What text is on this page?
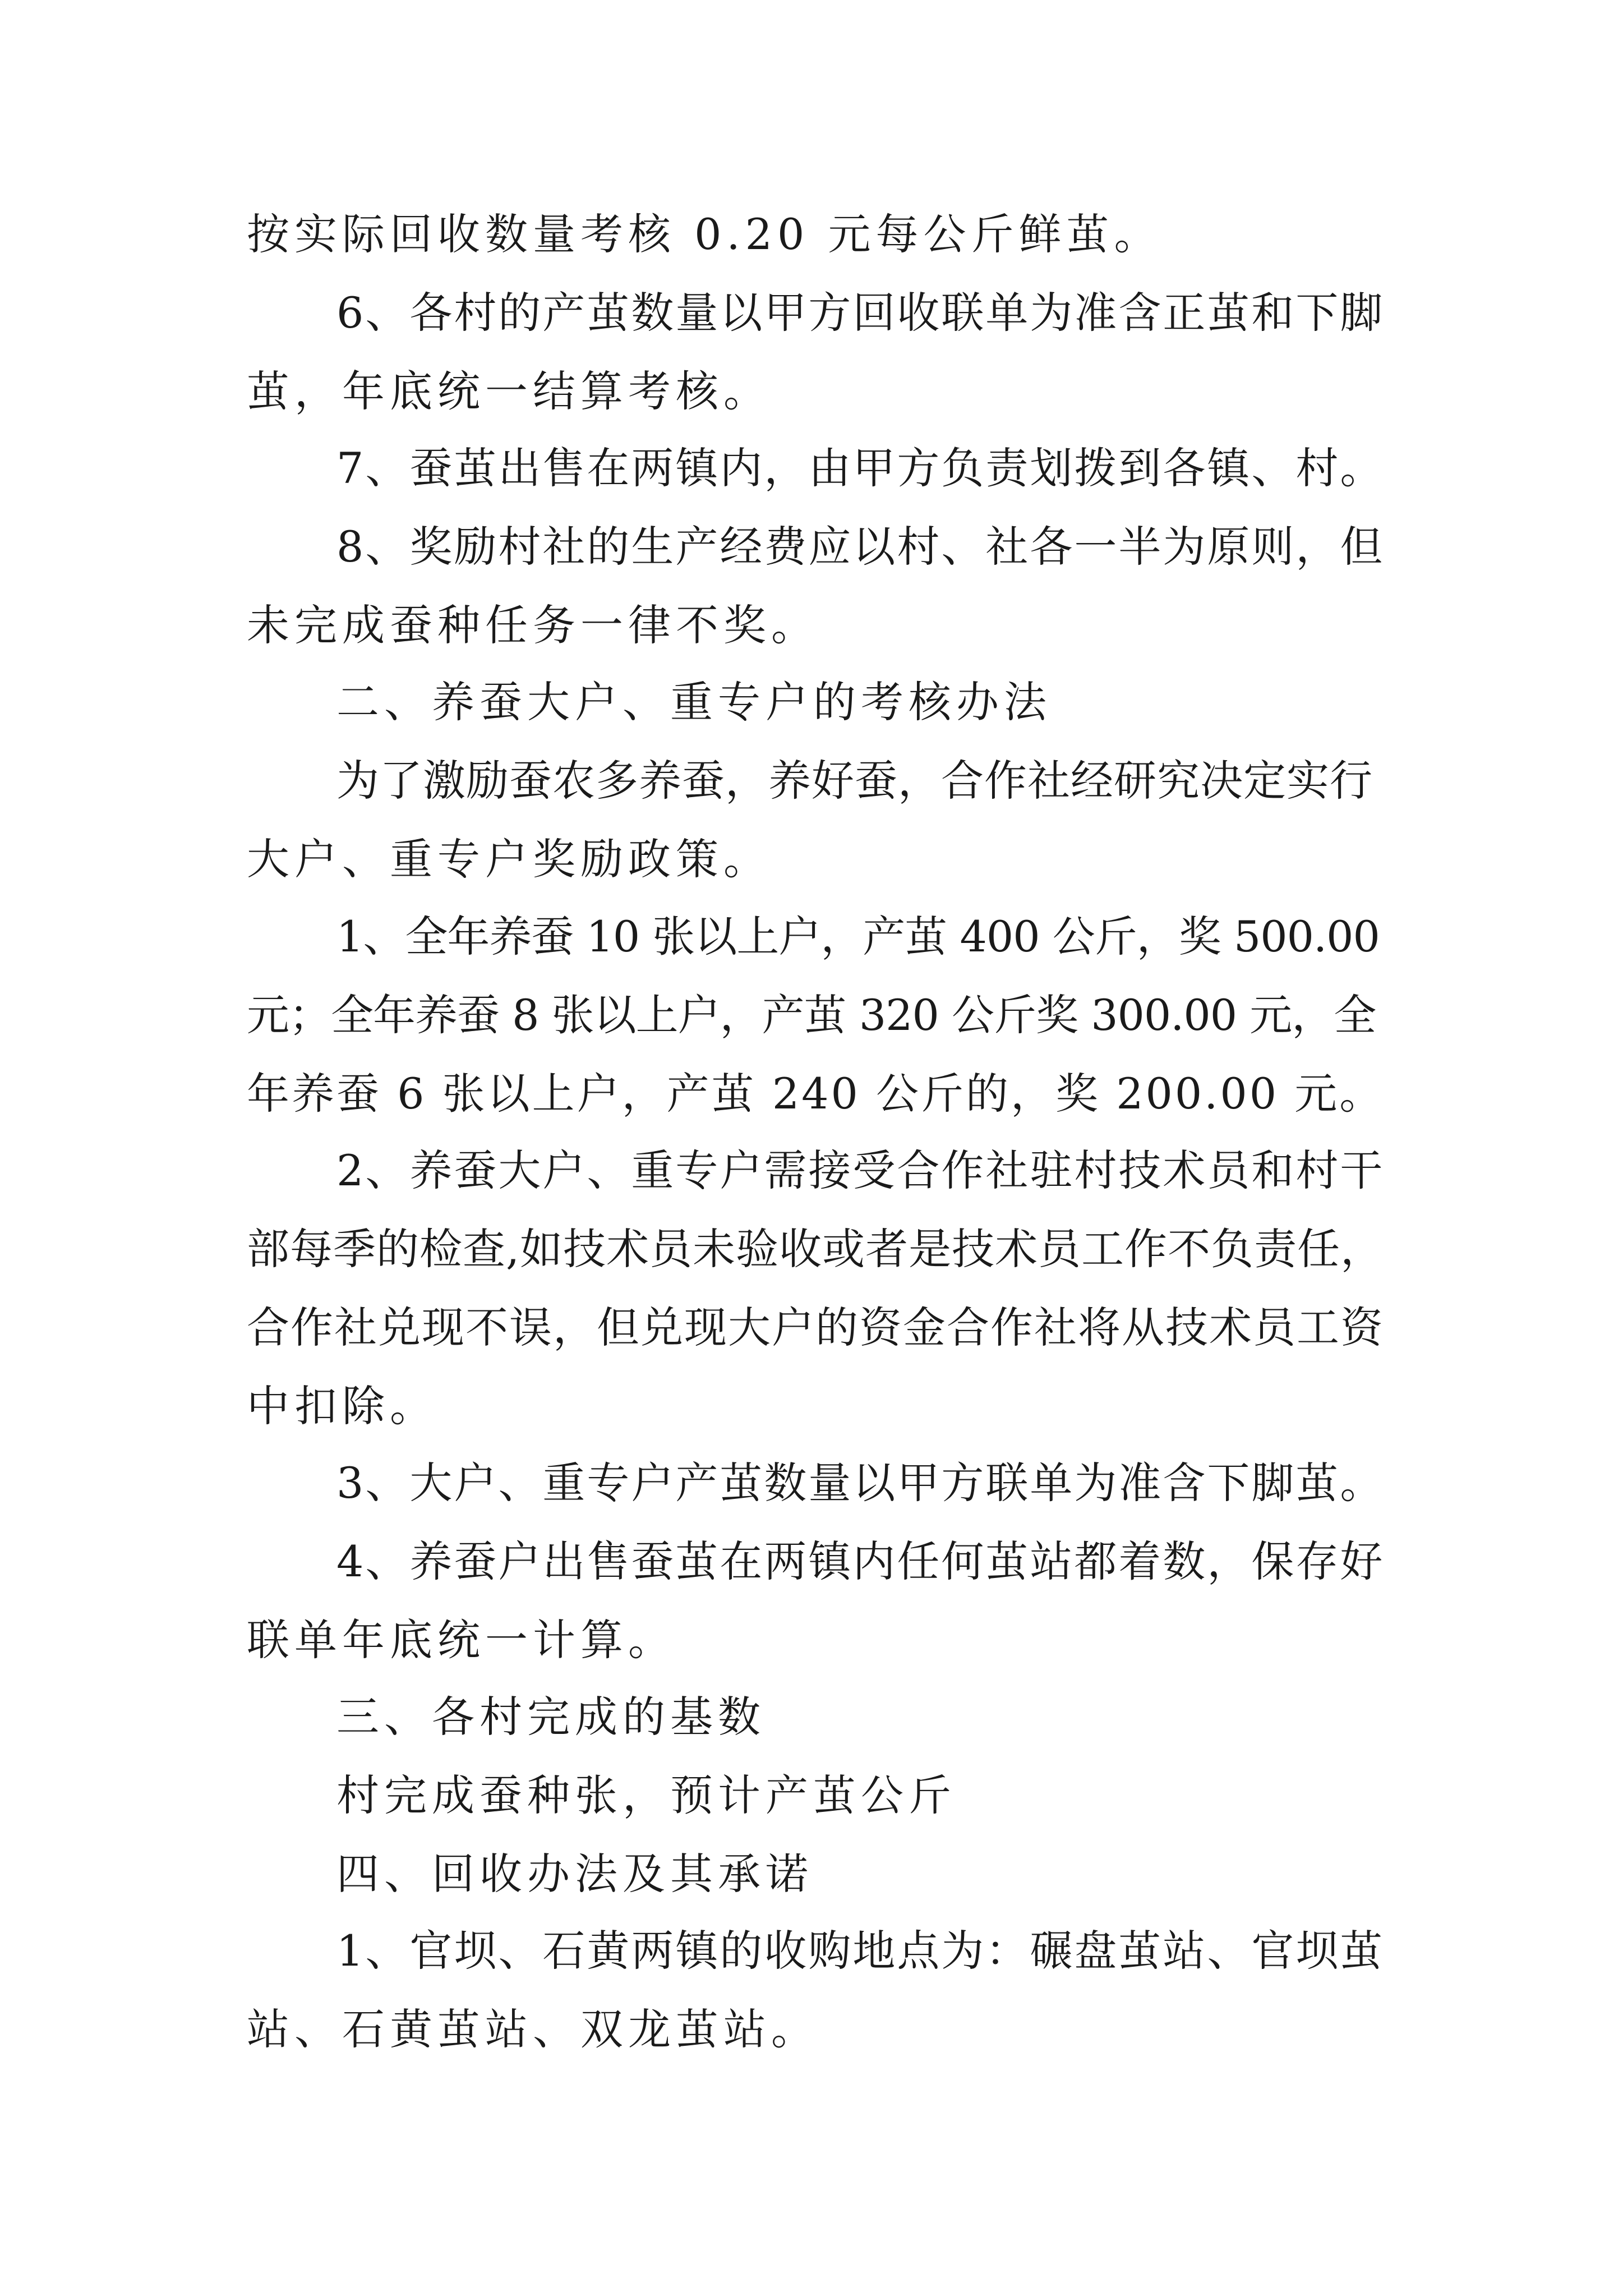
按实际回收数量考核 0.20 元每公斤鲜茧。
6、各村的产茧数量以甲方回收联单为准含正茧和下脚
茧，年底统一结算考核。
7、蚕茧出售在两镇内，由甲方负责划拨到各镇、村。
8、奖励村社的生产经费应以村、社各一半为原则，但
未完成蚕种任务一律不奖。
二、养蚕大户、重专户的考核办法
为了激励蚕农多养蚕，养好蚕，合作社经研究决定实行
大户、重专户奖励政策。
1、全年养蚕 10 张以上户，产茧 400 公斤，奖 500.00
元；全年养蚕 8 张以上户，产茧 320 公斤奖 300.00 元，全
年养蚕 6 张以上户，产茧 240 公斤的，奖 200.00 元。
2、养蚕大户、重专户需接受合作社驻村技术员和村干
部每季的检查,如技术员未验收或者是技术员工作不负责任，
合作社兑现不误，但兑现大户的资金合作社将从技术员工资
中扣除。
3、大户、重专户产茧数量以甲方联单为准含下脚茧。
4、养蚕户出售蚕茧在两镇内任何茧站都着数，保存好
联单年底统一计算。
三、各村完成的基数
村完成蚕种张，预计产茧公斤
四、回收办法及其承诺
1、官坝、石黄两镇的收购地点为：碾盘茧站、官坝茧
站、石黄茧站、双龙茧站。
